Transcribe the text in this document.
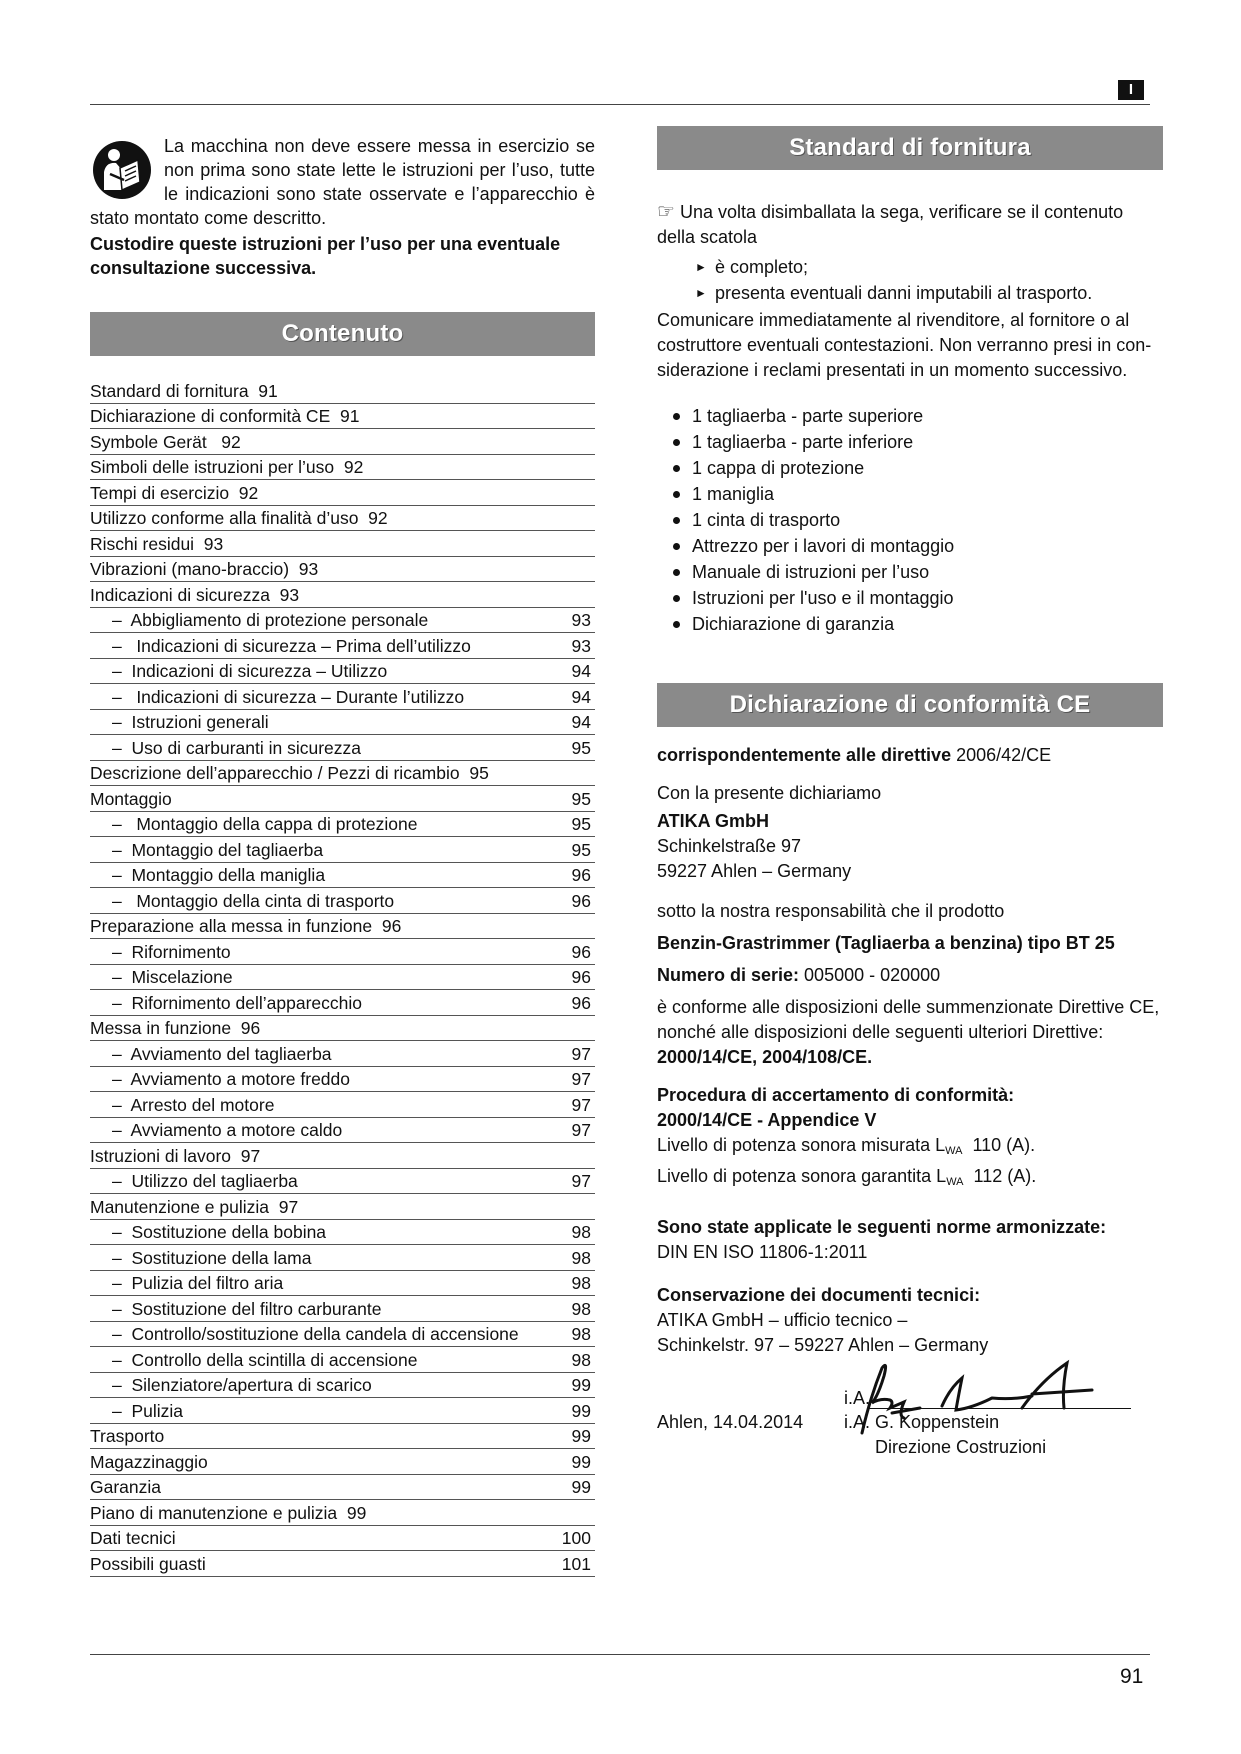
I
La macchina non deve essere messa in esercizio se non prima sono state lette le istruzioni per l’uso, tutte le indicazioni sono state osservate e l’apparecchio è stato montato come descritto.
Custodire queste istruzioni per l’uso per una eventuale consultazione successiva.
Contenuto
Standard di fornitura  91
Dichiarazione di conformità CE  91
Symbole Gerät   92
Simboli delle istruzioni per l’uso  92
Tempi di esercizio  92
Utilizzo conforme alla finalità d’uso  92
Rischi residui  93
Vibrazioni (mano-braccio)  93
Indicazioni di sicurezza  93
–  Abbigliamento di protezione personale	93
–   Indicazioni di sicurezza – Prima dell’utilizzo	93
–  Indicazioni di sicurezza – Utilizzo	94
–   Indicazioni di sicurezza – Durante l’utilizzo	94
–  Istruzioni generali	94
–  Uso di carburanti in sicurezza	95
Descrizione dell’apparecchio / Pezzi di ricambio  95
Montaggio	95
–   Montaggio della cappa di protezione	95
–  Montaggio del tagliaerba	95
–  Montaggio della maniglia	96
–   Montaggio della cinta di trasporto	96
Preparazione alla messa in funzione  96
–  Rifornimento	96
–  Miscelazione	96
–  Rifornimento dell’apparecchio	96
Messa in funzione  96
–  Avviamento del tagliaerba	97
–  Avviamento a motore freddo	97
–  Arresto del motore	97
–  Avviamento a motore caldo	97
Istruzioni di lavoro  97
–  Utilizzo del tagliaerba	97
Manutenzione e pulizia  97
–  Sostituzione della bobina	98
–  Sostituzione della lama	98
–  Pulizia del filtro aria	98
–  Sostituzione del filtro carburante	98
–  Controllo/sostituzione della candela di accensione	98
–  Controllo della scintilla di accensione	98
–  Silenziatore/apertura di scarico	99
–  Pulizia	99
Trasporto	99
Magazzinaggio	99
Garanzia	99
Piano di manutenzione e pulizia  99
Dati tecnici	100
Possibili guasti	101
Standard di fornitura

☞ Una volta disimballata la sega, verificare se il contenuto della scatola

► è completo;
► presenta eventuali danni imputabili al trasporto.

Comunicare immediatamente al rivenditore, al fornitore o al costruttore eventuali contestazioni. Non verranno presi in con-siderazione i reclami presentati in un momento successivo.

1 tagliaerba - parte superiore
1 tagliaerba - parte inferiore
1 cappa di protezione
1 maniglia
1 cinta di trasporto
Attrezzo per i lavori di montaggio
Manuale di istruzioni per l’uso
Istruzioni per l'uso e il montaggio
Dichiarazione di garanzia
Dichiarazione di conformità CE

corrispondentemente alle direttive 2006/42/CE

Con la presente dichiariamo

ATIKA GmbH

Schinkelstraße 97

59227 Ahlen – Germany

sotto la nostra responsabilità che il prodotto

Benzin-Grastrimmer (Tagliaerba a benzina) tipo BT 25

Numero di serie: 005000 - 020000

è conforme alle disposizioni delle summenzionate Direttive CE, nonché alle disposizioni delle seguenti ulteriori Direttive:

2000/14/CE, 2004/108/CE.

Procedura di accertamento di conformità:

2000/14/CE - Appendice V

Livello di potenza sonora misurata $L_{WA}$  110 (A).

Livello di potenza sonora garantita $L_{WA}$  112 (A).

Sono state applicate le seguenti norme armonizzate:

DIN EN ISO 11806-1:2011

Conservazione dei documenti tecnici:

ATIKA GmbH – ufficio tecnico –

Schinkelstr. 97 – 59227 Ahlen – Germany

i.A.
Ahlen, 14.04.2014 i.A. G. Koppenstein
Direzione Costruzioni
91
